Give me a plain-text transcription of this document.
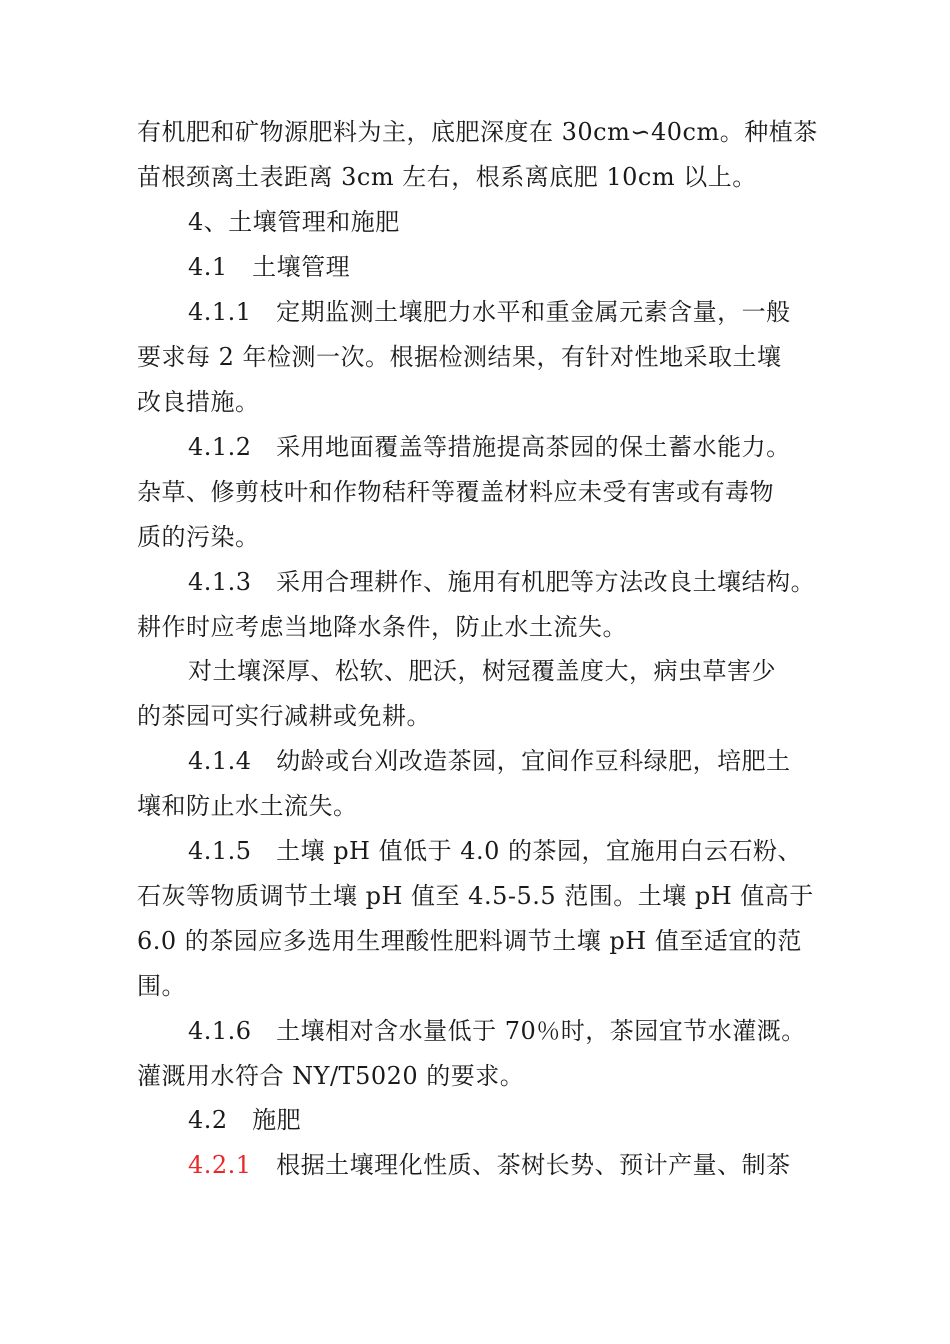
有机肥和矿物源肥料为主，底肥深度在 30cm∽40cm。种植茶
苗根颈离土表距离 3cm 左右，根系离底肥 10cm 以上。
4、土壤管理和施肥
4.1　土壤管理
4.1.1　定期监测土壤肥力水平和重金属元素含量，一般
要求每 2 年检测一次。根据检测结果，有针对性地采取土壤
改良措施。
4.1.2　采用地面覆盖等措施提高茶园的保土蓄水能力。
杂草、修剪枝叶和作物秸秆等覆盖材料应未受有害或有毒物
质的污染。
4.1.3　采用合理耕作、施用有机肥等方法改良土壤结构。
耕作时应考虑当地降水条件，防止水土流失。
对土壤深厚、松软、肥沃，树冠覆盖度大，病虫草害少
的茶园可实行减耕或免耕。
4.1.4　幼龄或台刈改造茶园，宜间作豆科绿肥，培肥土
壤和防止水土流失。
4.1.5　土壤 pH 值低于 4.0 的茶园，宜施用白云石粉、
石灰等物质调节土壤 pH 值至 4.5-5.5 范围。土壤 pH 值高于
6.0 的茶园应多选用生理酸性肥料调节土壤 pH 值至适宜的范
围。
4.1.6　土壤相对含水量低于 70％时，茶园宜节水灌溉。
灌溉用水符合 NY/T5020 的要求。
4.2　施肥
4.2.1　根据土壤理化性质、茶树长势、预计产量、制茶
